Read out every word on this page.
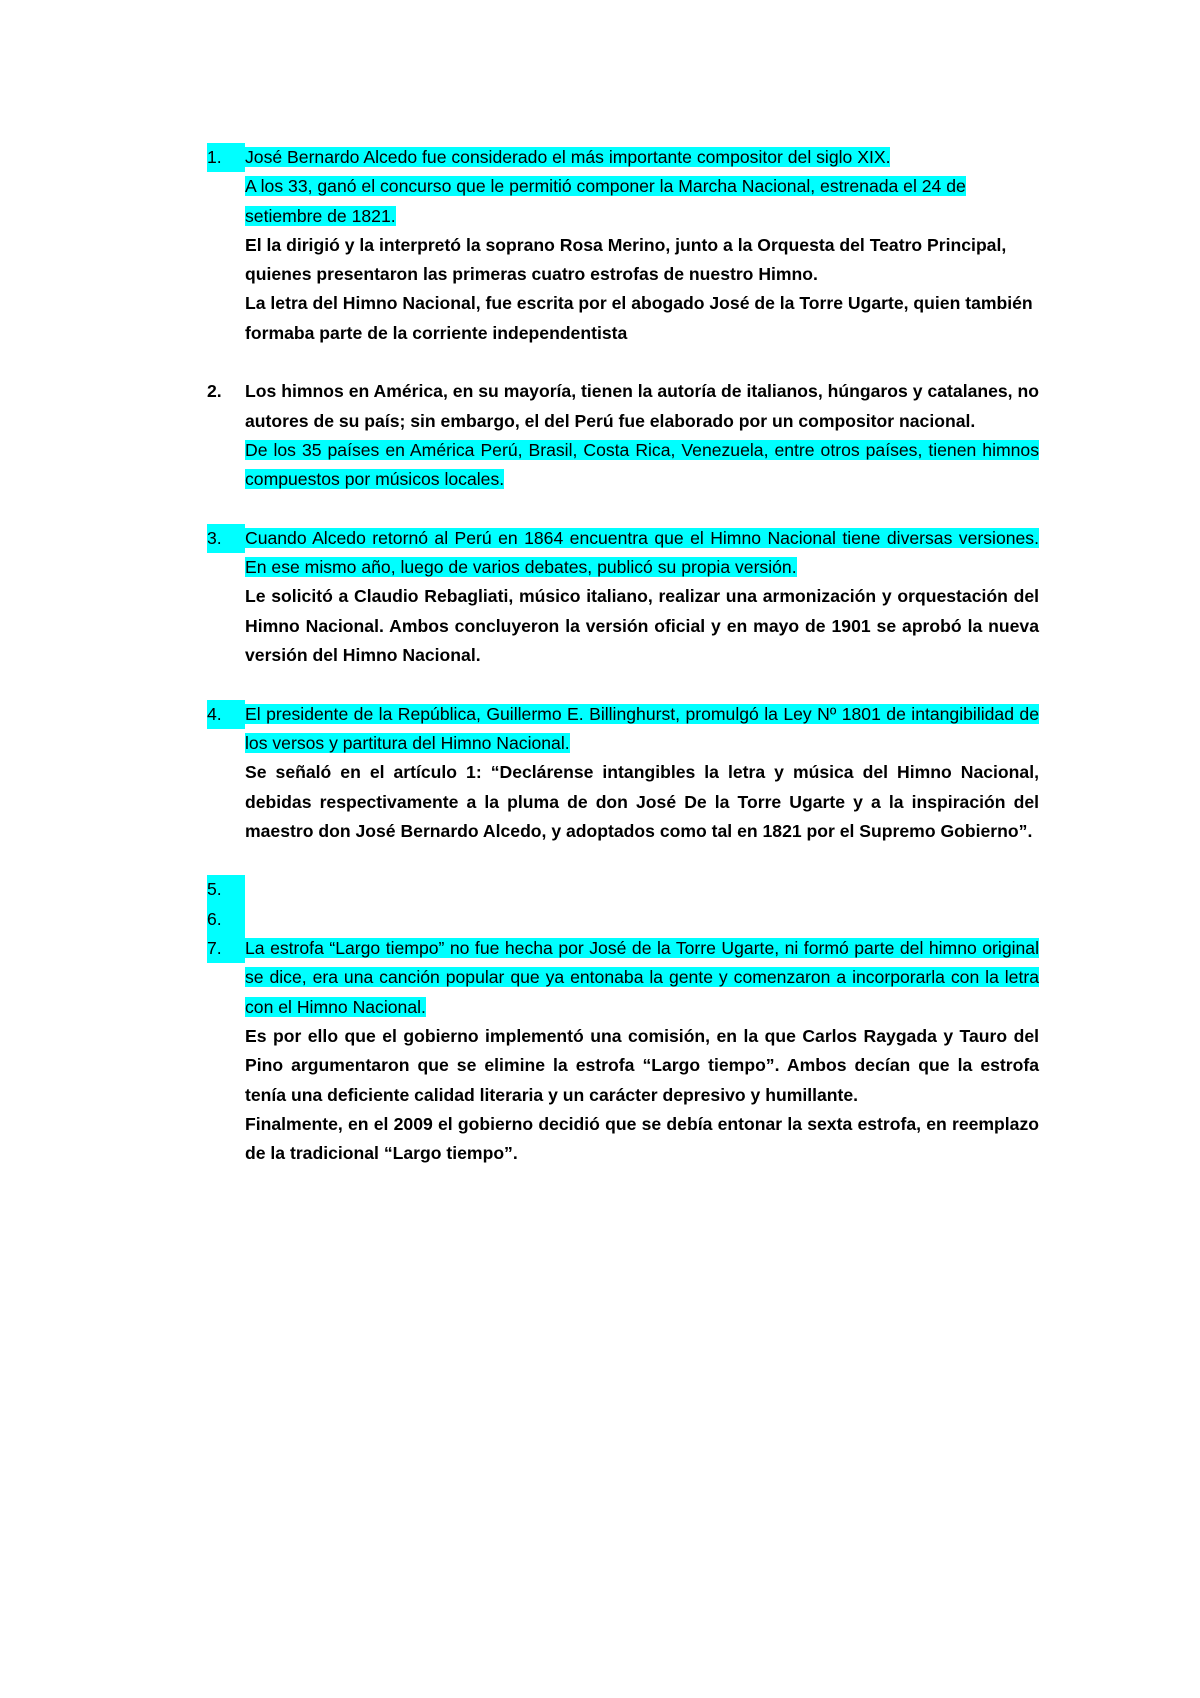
1.	José Bernardo Alcedo fue considerado el más importante compositor del siglo XIX.
A los 33, ganó el concurso que le permitió componer la Marcha Nacional, estrenada el 24 de setiembre de 1821.
El la dirigió y la interpretó la soprano Rosa Merino, junto a la Orquesta del Teatro Principal, quienes presentaron las primeras cuatro estrofas de nuestro Himno.
La letra del Himno Nacional, fue escrita por el abogado José de la Torre Ugarte, quien también formaba parte de la corriente independentista
2.	Los himnos en América, en su mayoría, tienen la autoría de italianos, húngaros y catalanes, no autores de su país; sin embargo, el del Perú fue elaborado por un compositor nacional.
De los 35 países en América Perú, Brasil, Costa Rica, Venezuela, entre otros países, tienen himnos compuestos por músicos locales.
3.	Cuando Alcedo retornó al Perú en 1864 encuentra que el Himno Nacional tiene diversas versiones. En ese mismo año, luego de varios debates, publicó su propia versión.
Le solicitó a Claudio Rebagliati, músico italiano, realizar una armonización y orquestación del Himno Nacional. Ambos concluyeron la versión oficial y en mayo de 1901 se aprobó la nueva versión del Himno Nacional.
4.	El presidente de la República, Guillermo E. Billinghurst, promulgó la Ley Nº 1801 de intangibilidad de los versos y partitura del Himno Nacional.
Se señaló en el artículo 1: “Declárense intangibles la letra y música del Himno Nacional, debidas respectivamente a la pluma de don José De la Torre Ugarte y a la inspiración del maestro don José Bernardo Alcedo, y adoptados como tal en 1821 por el Supremo Gobierno”.
5.
6.
7.	La estrofa “Largo tiempo” no fue hecha por José de la Torre Ugarte, ni formó parte del himno original se dice, era una canción popular que ya entonaba la gente y comenzaron a incorporarla con la letra con el Himno Nacional.
Es por ello que el gobierno implementó una comisión, en la que Carlos Raygada y Tauro del Pino argumentaron que se elimine la estrofa “Largo tiempo”. Ambos decían que la estrofa tenía una deficiente calidad literaria y un carácter depresivo y humillante.
Finalmente, en el 2009 el gobierno decidió que se debía entonar la sexta estrofa, en reemplazo de la tradicional “Largo tiempo”.
